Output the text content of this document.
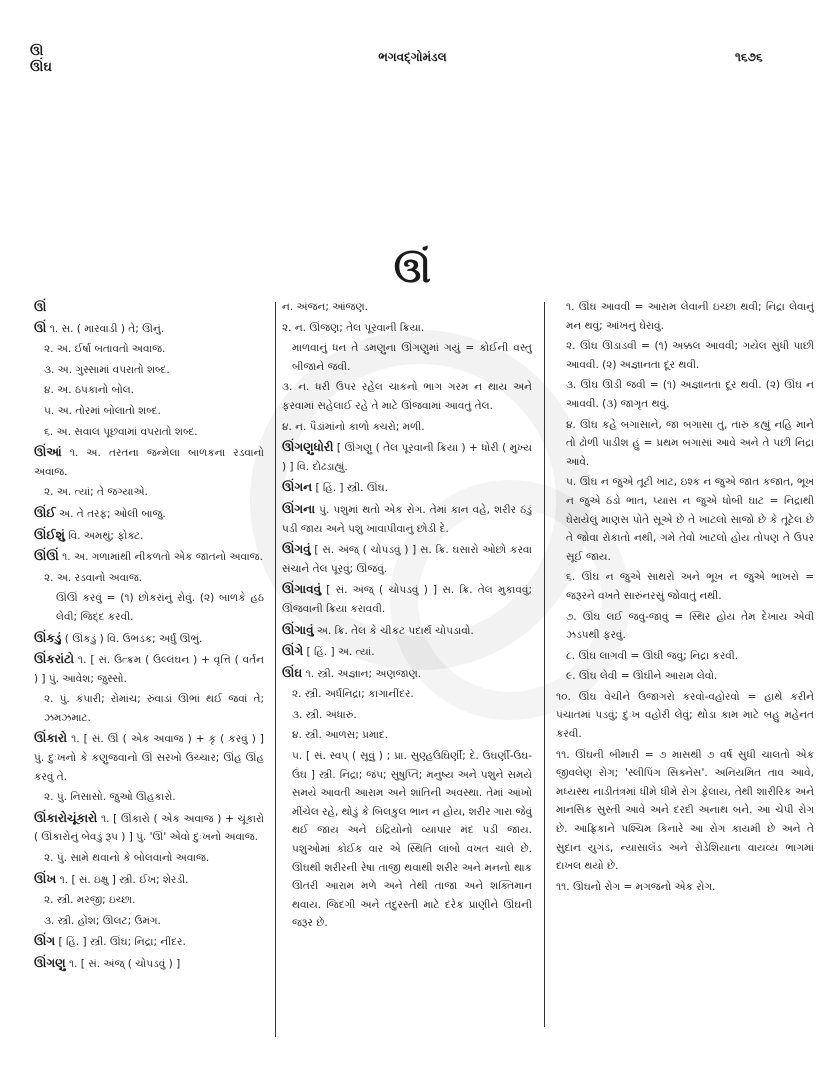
ઊ
ઊંઘ
ભગવદ્ગોમંડલ	૧૬૭૬
ઊં
ઊં
ઊં ૧. સ. ( મારવાડી ) તે; ઊનું.
૨. અ. ઈર્ષા બતાવતો અવાજ.
૩. અ. ગુસ્સામાં વપરાતો શબ્દ.
૪. અ. ઠપકાનો બોલ.
૫. અ. તોરમાં બોલાતો શબ્દ.
૬. અ. સવાલ પૂછવામાં વપરાતો શબ્દ.
ઊંઆં ૧. અ. તરતના જન્મેલા બાળકના રડવાનો અવાજ.
૨. અ. ત્યાં; તે જગ્યાએ.
ઊંઈ અ. તે તરફ; ઓલી બાજુ.
ઊંઈશું વિ. અમથું; ફોક્ટ.
ઊંઊં ૧. અ. ગળામાંથી નીકળતો એક જાતનો અવાજ.
૨. અ. રડવાનો અવાજ.
ઊંઊં કરવું = (૧) છોકરાંનું રોવું. (૨) બાળકે હઠ લેવી; જિદ્દ કરવી.
ઊંકડું ( ઊંકડું ) વિ. ઉભડક; અર્ધું ઊભું.
ઊંકરાંટો ૧. [ સં. ઉત્ક્રમ ( ઉલ્લંઘન ) + વૃત્તિ ( વર્તન ) ] પું. આવેશ; જુસ્સો.
૨. પું. કંપારી; રોમાંચ; રુંવાડાં ઊભાં થઈ જવાં તે; ઝમઝમાટ.
ઊંકારો ૧. [ સં. ઊં ( એક અવાજ ) + કૃ ( કરવું ) ] પું. દુઃખનો કે કણુજવાનો ઊં સરખો ઉચ્ચાર; ઊંહ ઊંહ કરવું તે.
૨. પું. નિસાસો. જુઓ ઊહકારો.
ઊંકારોચૂંકારો ૧. [ ઊંકારો ( એક અવાજ ) + ચૂંકારો ( ઊંકારોનું બેવડું રૂપ ) ] પું. 'ઊં' એવો દુઃખનો અવાજ.
૨. પું. સામે થવાનો કે બોલવાનો અવાજ.
ઊંખ ૧. [ સં. ઇક્ષુ ] સ્ત્રી. ઈખ; શેરડી.
૨. સ્ત્રી. મરજી; ઇચ્છા.
૩. સ્ત્રી. હોંશ; ઊલટ; ઉમંગ.
ઊંગ [ હિં. ] સ્ત્રી. ઊંઘ; નિદ્રા; નીંદર.
ઊંગણુ ૧. [ સં. અંજ્ ( ચોપડવું ) ]
ન. અંજન; આંજણ.
૨. ન. ઊંજણ; તેલ પૂરવાની ક્રિયા.
માળવાનું ધન તે ડમણુના ઊંગણુમાં ગયું = કોઈની વસ્તુ બીજાને જવી.
૩. ન. ધરી ઉપર રહેલ ચાકનો ભાગ ગરમ ન થાય અને ફરવામાં સહેલાઈ રહે તે માટે ઊંજવામાં આવતું તેલ.
૪. ન. પૈડાંમાંનો કાળો ક્ચરો; મળી.
ઊંગણુધોરી [ ઊંગણુ ( તેલ પૂરવાની ક્રિયા ) + ધોરી ( મુખ્ય ) ] વિ. દોઢડાહ્યું.
ઊંગન [ હિં. ] સ્ત્રી. ઊંઘ.
ઊંગના પું. પશુમાં થતો એક રોગ. તેમાં કાન વહે, શરીર ઠંડું પડી જાય અને પશુ ખાવાપીવાનું છોડી દે.
ઊંગવું [ સં. અંજ્ ( ચોપડવું ) ] સ. ક્રિ. ઘસારો ઓછો કરવા સંચાને તેલ પૂરવું; ઊંજવું.
ઊંગાવવું [ સં. અંજ્ ( ચોપડવું ) ] સ. ક્રિ. તેલ મુકાવવું; ઊંજવાની ક્રિયા કરાવવી.
ઊંગાવું અ. ક્રિ. તેલ કે ચીકટ પદાર્થ ચોપડાવો.
ઊંગે [ હિં. ] અ. ત્યાં.
ઊંઘ ૧. સ્ત્રી. અજ્ઞાન; અણજાણ.
૨. સ્ત્રી. અર્ધનિદ્રા; કાગાનીંદર.
૩. સ્ત્રી. અંધારું.
૪. સ્ત્રી. આળસ; પ્રમાદ.
૫. [ સં. સ્વપ્ ( સૂવું ) ; પ્રા. સુણ્હઉઘિર્ણી; દે. ઉઘર્ણી-ઉઘ-ઉંઘ ] સ્ત્રી. નિદ્રા; જંપ; સુષુપ્તિ; મનુષ્ય અને પશુને સમયે સમયે આવતી આરામ અને શાંતિની અવસ્થા. તેમાં આંખો મીંચેલ રહે, થોડું કે બિલકુલ ભાન ન હોય, શરીર ગારા જેવું થઈ જાય અને ઇંદ્રિયોનો વ્યાપાર મંદ પડી જાય. પશુઓમાં કોઈક વાર એ સ્થિતિ લાંબો વખત ચાલે છે. ઊંઘથી શરીરની રેષા તાજી થવાથી શરીર અને મનનો થાક ઊતરી આરામ મળે અને તેથી તાજા અને શક્તિમાન થવાય. જિંદગી અને તંદુરસ્તી માટે દરેક પ્રાણીને ઊંઘની જરૂર છે.
૧. ઊંઘ આવવી = આરામ લેવાની ઇચ્છા થવી; નિદ્રા લેવાનું મન થવું; આંખનું ઘેરાવું.
૨. ઊંઘ ઊડાડવી = (૧) અક્કલ આવવી; ગયેલ સુધી પાછી આવવી. (૨) અજ્ઞાનતા દૂર થવી.
૩. ઊંઘ ઊડી જવી = (૧) અજ્ઞાનતા દૂર થવી. (૨) ઊંઘ ન આવવી. (૩) જાગૃત થવું.
૪. ઊંઘ કહે બગાસાને, જા બગાસા તું, તારું કહ્યું નહિ માને તો ઢોળી પાડીશ હું = પ્રથમ બગાસાં આવે અને તે પછી નિદ્રા આવે.
૫. ઊંઘ ન જુએ તૂટી ખાટ, ઇશ્ક ન જુએ જાત કજાત, ભૂખ ન જુએ ઠંડો ભાત, પ્યાસ ન જુએ ધોબી ઘાટ = નિદ્રાથી ઘેરાયેલું માણસ પોતે સૂએ છે તે ખાટલો સાજો છે કે તૂટેલ છે તે જોવા રોકાતો નથી, ગમે તેવો ખાટલો હોય તોપણ તે ઉપર સૂઈ જાય.
૬. ઊંઘ ન જુએ સાથરો અને ભૂખ ન જુએ ભાખરો = જરૂરને વખતે સારુંનરસું જોવાતું નથી.
૭. ઊંઘ લઈ જવું-જાવું = સ્થિર હોય તેમ દેખાય એવી ઝડપથી ફરવું.
૮. ઊંઘ લાગવી = ઊંઘી જવું; નિદ્રા કરવી.
૯. ઊંઘ લેવી = ઊંઘીને આરામ લેવો.
૧૦. ઊંઘ વેચીને ઉજાગરો કરવો-વહોરવો = હાથે કરીને પંચાતમાં પડવું; દુઃખ વહોરી લેવું; થોડા કામ માટે બહુ મહેનત કરવી.
૧૧. ઊંઘની બીમારી = ૭ માસથી ૭ વર્ષ સુધી ચાલતો એક જીવલેણ રોગ; 'સ્લીપિંગ સિક્નેસ'. અનિયમિત તાવ આવે, મધ્યસ્થ નાડીતંત્રમાં ધીમે ધીમે રોગ ફેલાય, તેથી શારીરિક અને માનસિક સુસ્તી આવે અને દરદી અનાથ બને. આ ચેપી રોગ છે. આફ્રિકાને પશ્ચિમ કિનારે આ રોગ કાયમી છે અને તે સુદાન યુગંડ, ન્યાસાલૅંડ અને રોડેશિયાના વાયવ્ય ભાગમાં દાખલ થયો છે.
૧૧. ઊંઘનો રોગ = મગજનો એક રોગ.
